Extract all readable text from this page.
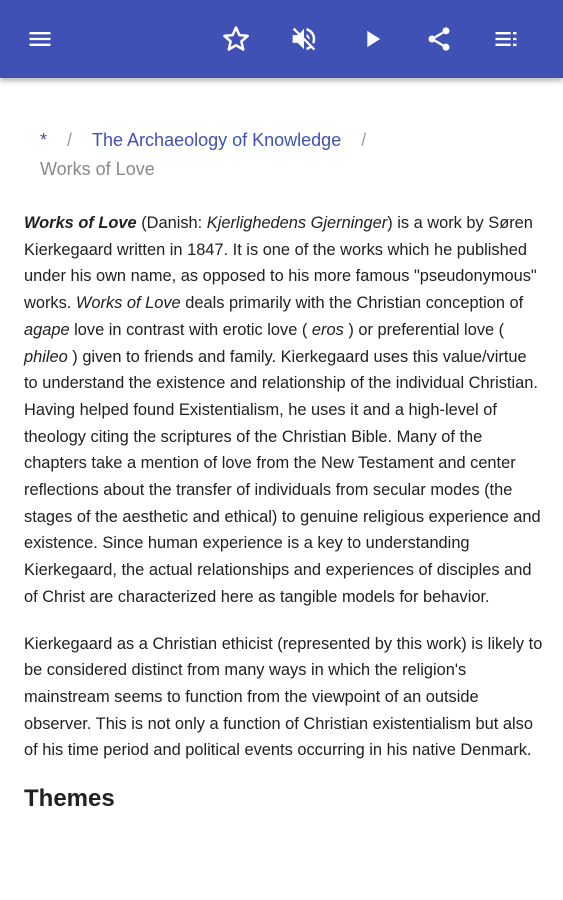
* / The Archaeology of Knowledge /
Works of Love

Works of Love (Danish: Kjerlighedens Gjerninger) is a work by Søren Kierkegaard written in 1847. It is one of the works which he published under his own name, as opposed to his more famous "pseudonymous" works. Works of Love deals primarily with the Christian conception of agape love in contrast with erotic love ( eros ) or preferential love ( phileo ) given to friends and family. Kierkegaard uses this value/virtue to understand the existence and relationship of the individual Christian. Having helped found Existentialism, he uses it and a high-level of theology citing the scriptures of the Christian Bible. Many of the chapters take a mention of love from the New Testament and center reflections about the transfer of individuals from secular modes (the stages of the aesthetic and ethical) to genuine religious experience and existence. Since human experience is a key to understanding Kierkegaard, the actual relationships and experiences of disciples and of Christ are characterized here as tangible models for behavior.

Kierkegaard as a Christian ethicist (represented by this work) is likely to be considered distinct from many ways in which the religion's mainstream seems to function from the viewpoint of an outside observer. This is not only a function of Christian existentialism but also of his time period and political events occurring in his native Denmark.

Themes
